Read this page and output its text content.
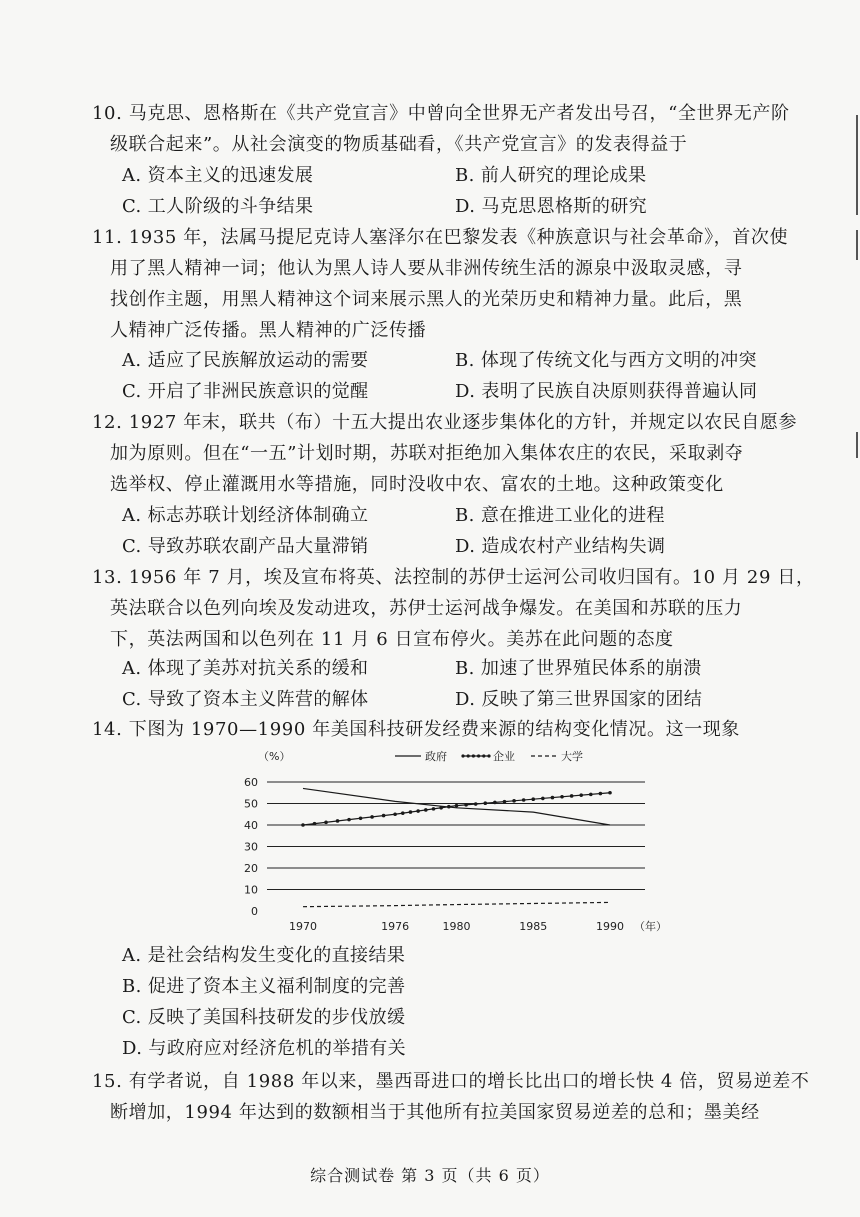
10. 马克思、恩格斯在《共产党宣言》中曾向全世界无产者发出号召，“全世界无产阶
级联合起来”。从社会演变的物质基础看，《共产党宣言》的发表得益于
A. 资本主义的迅速发展	B. 前人研究的理论成果
C. 工人阶级的斗争结果	D. 马克思恩格斯的研究
11. 1935 年，法属马提尼克诗人塞泽尔在巴黎发表《种族意识与社会革命》，首次使
用了黑人精神一词；他认为黑人诗人要从非洲传统生活的源泉中汲取灵感，寻
找创作主题，用黑人精神这个词来展示黑人的光荣历史和精神力量。此后，黑
人精神广泛传播。黑人精神的广泛传播
A. 适应了民族解放运动的需要	B. 体现了传统文化与西方文明的冲突
C. 开启了非洲民族意识的觉醒	D. 表明了民族自决原则获得普遍认同
12. 1927 年末，联共（布）十五大提出农业逐步集体化的方针，并规定以农民自愿参
加为原则。但在“一五”计划时期，苏联对拒绝加入集体农庄的农民，采取剥夺
选举权、停止灌溉用水等措施，同时没收中农、富农的土地。这种政策变化
A. 标志苏联计划经济体制确立	B. 意在推进工业化的进程
C. 导致苏联农副产品大量滞销	D. 造成农村产业结构失调
13. 1956 年 7 月，埃及宣布将英、法控制的苏伊士运河公司收归国有。10 月 29 日，
英法联合以色列向埃及发动进攻，苏伊士运河战争爆发。在美国和苏联的压力
下，英法两国和以色列在 11 月 6 日宣布停火。美苏在此问题的态度
A. 体现了美苏对抗关系的缓和	B. 加速了世界殖民体系的崩溃
C. 导致了资本主义阵营的解体	D. 反映了第三世界国家的团结
14. 下图为 1970—1990 年美国科技研发经费来源的结构变化情况。这一现象
（%）
0
10
20
30
40
50
60
1970	1976	1980	1985	1990 （年）
政府	企业	大学
A. 是社会结构发生变化的直接结果
B. 促进了资本主义福利制度的完善
C. 反映了美国科技研发的步伐放缓
D. 与政府应对经济危机的举措有关
15. 有学者说，自 1988 年以来，墨西哥进口的增长比出口的增长快 4 倍，贸易逆差不
断增加，1994 年达到的数额相当于其他所有拉美国家贸易逆差的总和；墨美经
综合测试卷 第 3 页（共 6 页）
